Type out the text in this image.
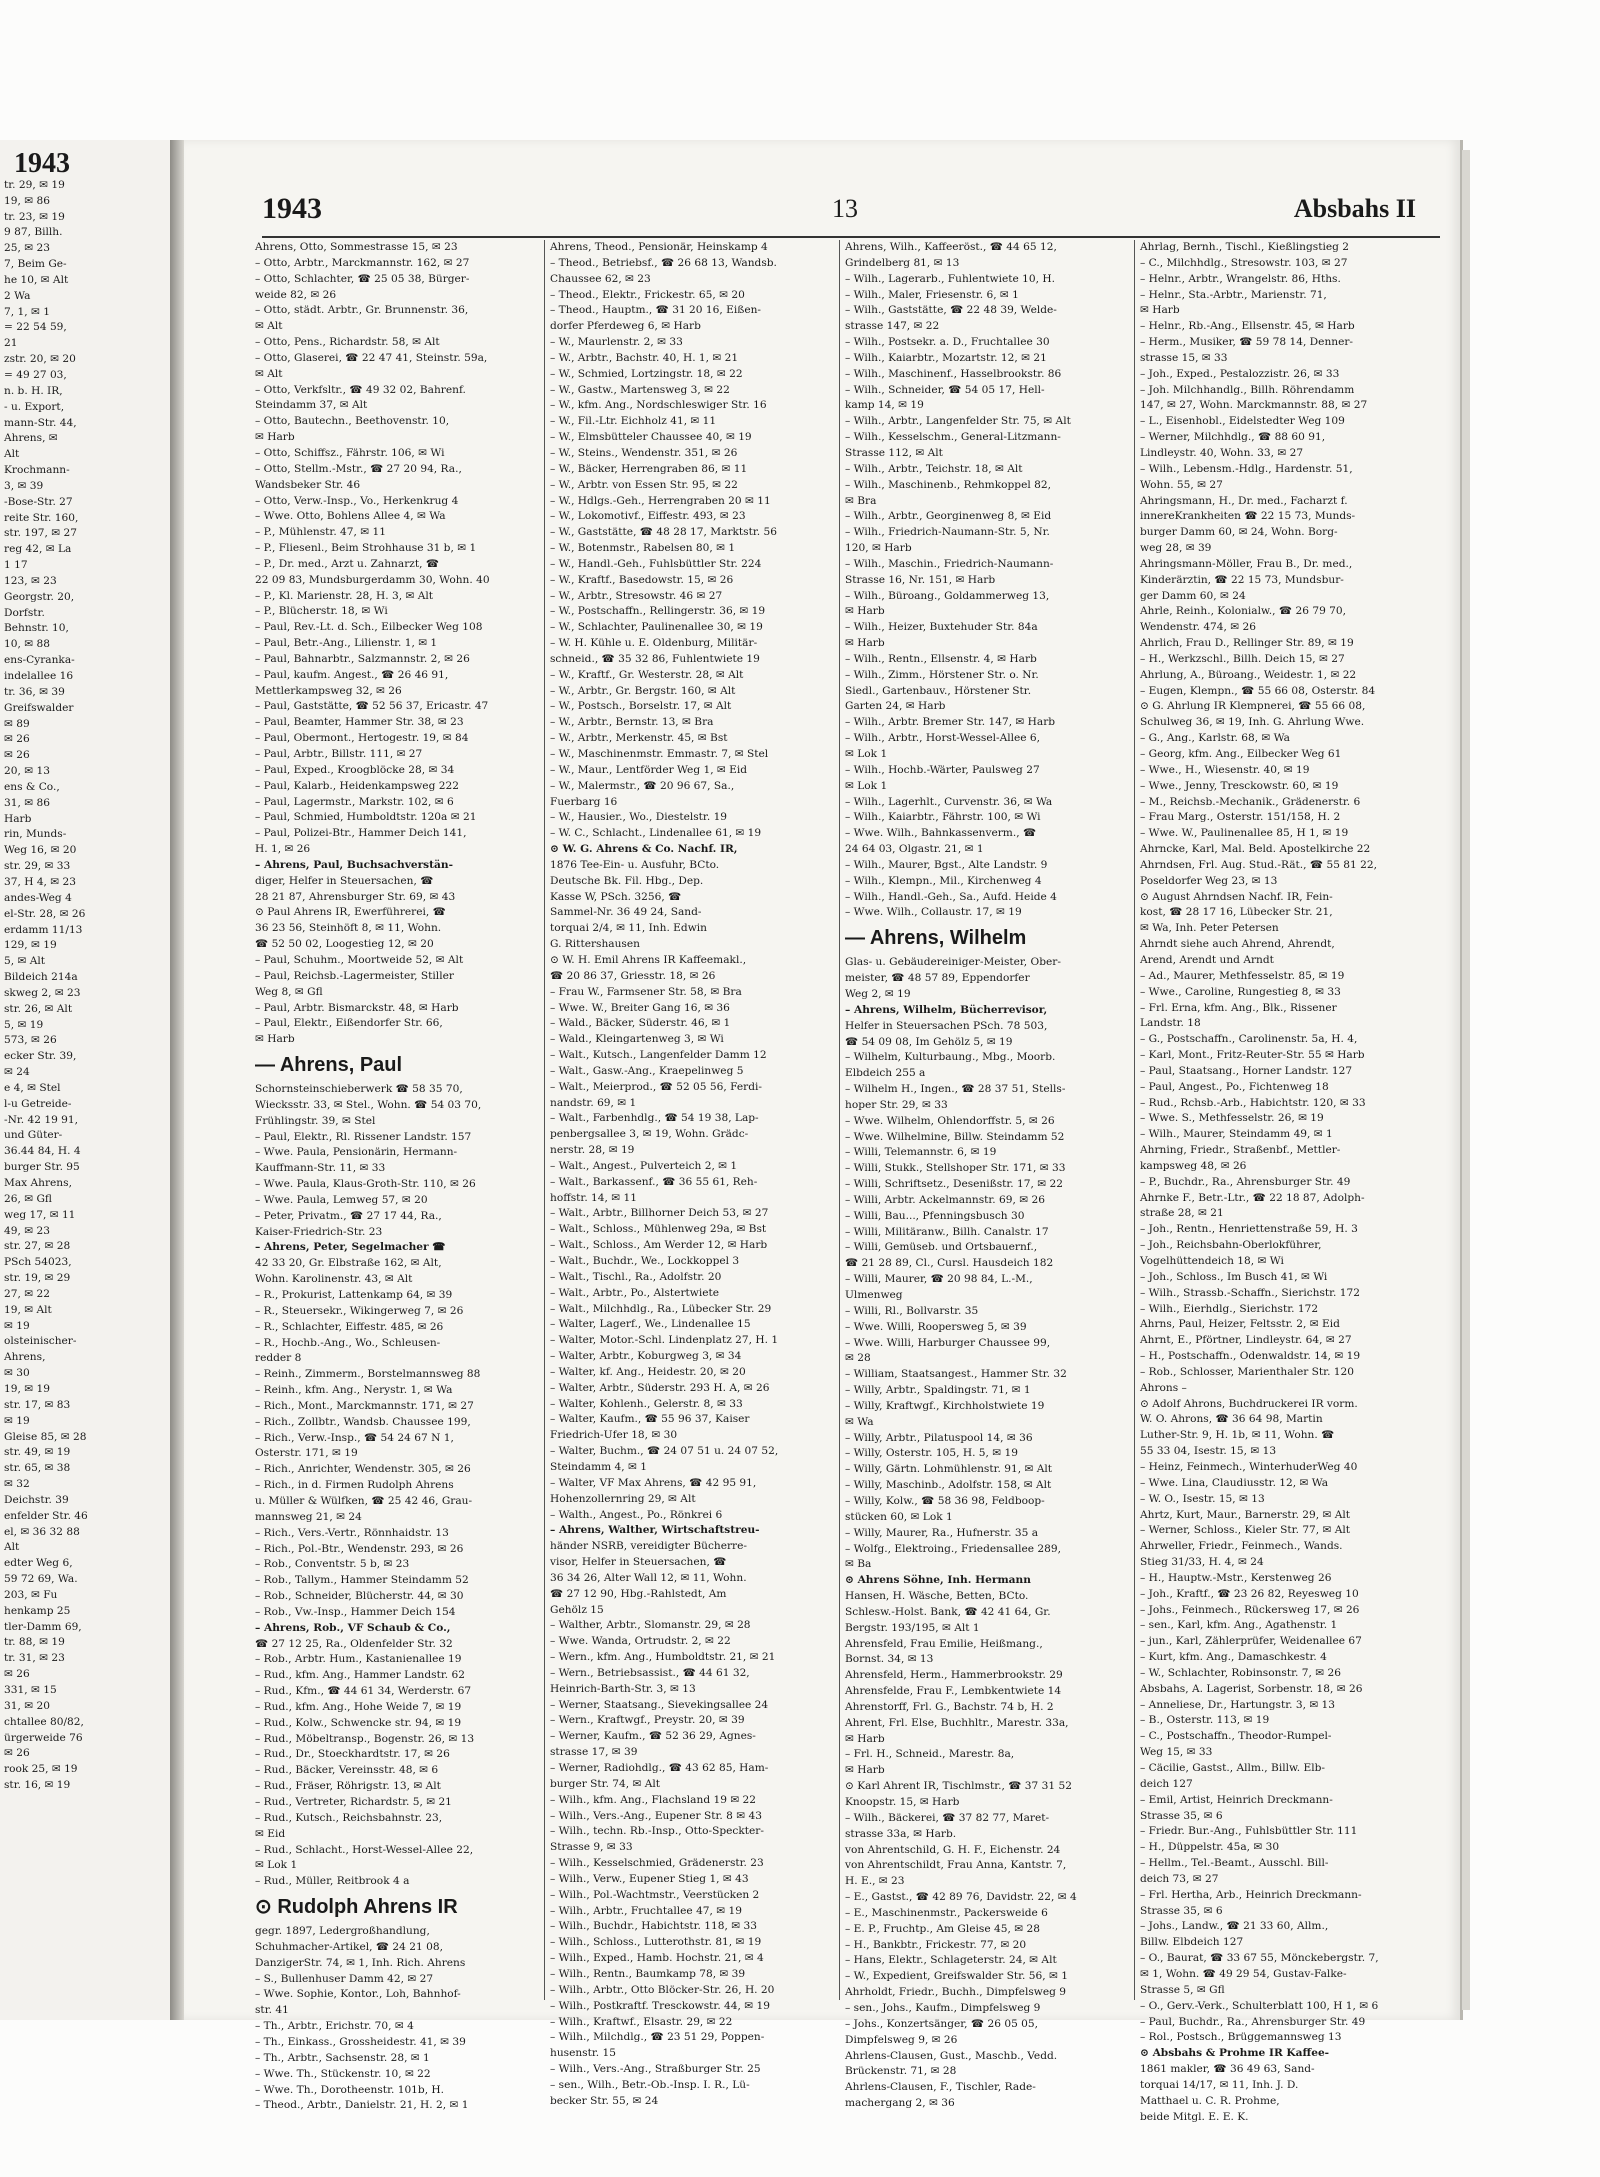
1943
tr. 29, ✉ 19
19, ✉ 86
tr. 23, ✉ 19
9 87, Billh.
25, ✉ 23
7, Beim Ge-
he 10, ✉ Alt
2 Wa
7, 1, ✉ 1
= 22 54 59,
21
zstr. 20, ✉ 20
= 49 27 03,
n. b. H. IR,
- u. Export,
mann-Str. 44,
Ahrens, ✉
Alt
Krochmann-
3, ✉ 39
-Bose-Str. 27
reite Str. 160,
str. 197, ✉ 27
reg 42, ✉ La
1 17
123, ✉ 23
Georgstr. 20,
Dorfstr.
Behnstr. 10,
10, ✉ 88
ens-Cyranka-
indelallee 16
tr. 36, ✉ 39
Greifswalder
✉ 89
✉ 26
✉ 26
20, ✉ 13
ens & Co.,
31, ✉ 86
Harb
rin, Munds-
Weg 16, ✉ 20
str. 29, ✉ 33
37, H 4, ✉ 23
andes-Weg 4
el-Str. 28, ✉ 26
erdamm 11/13
129, ✉ 19
5, ✉ Alt
Bildeich 214a
skweg 2, ✉ 23
str. 26, ✉ Alt
5, ✉ 19
573, ✉ 26
ecker Str. 39,
✉ 24
e 4, ✉ Stel
l-u Getreide-
-Nr. 42 19 91,
und Güter-
36.44 84, H. 4
burger Str. 95
Max Ahrens,
26, ✉ Gfl
weg 17, ✉ 11
49, ✉ 23
str. 27, ✉ 28
PSch 54023,
str. 19, ✉ 29
27, ✉ 22
19, ✉ Alt
✉ 19
olsteinischer-
Ahrens,
✉ 30
19, ✉ 19
str. 17, ✉ 83
✉ 19
Gleise 85, ✉ 28
str. 49, ✉ 19
str. 65, ✉ 38
✉ 32
Deichstr. 39
enfelder Str. 46
el, ✉ 36 32 88
Alt
edter Weg 6,
59 72 69, Wa.
203, ✉ Fu
henkamp 25
tler-Damm 69,
tr. 88, ✉ 19
tr. 31, ✉ 23
✉ 26
331, ✉ 15
31, ✉ 20
chtallee 80/82,
ürgerweide 76
✉ 26
rook 25, ✉ 19
str. 16, ✉ 19
1943	13	Absbahs II
Ahrens, Otto, Sommestrasse 15, ✉ 23
– Otto, Arbtr., Marckmannstr. 162, ✉ 27
– Otto, Schlachter, ☎ 25 05 38, Bürger-
weide 82, ✉ 26
– Otto, städt. Arbtr., Gr. Brunnenstr. 36,
✉ Alt
– Otto, Pens., Richardstr. 58, ✉ Alt
– Otto, Glaserei, ☎ 22 47 41, Steinstr. 59a,
✉ Alt
– Otto, Verkfsltr., ☎ 49 32 02, Bahrenf.
Steindamm 37, ✉ Alt
– Otto, Bautechn., Beethovenstr. 10,
✉ Harb
– Otto, Schiffsz., Fährstr. 106, ✉ Wi
– Otto, Stellm.-Mstr., ☎ 27 20 94, Ra.,
Wandsbeker Str. 46
– Otto, Verw.-Insp., Vo., Herkenkrug 4
– Wwe. Otto, Bohlens Allee 4, ✉ Wa
– P., Mühlenstr. 47, ✉ 11
– P., Fliesenl., Beim Strohhause 31 b, ✉ 1
– P., Dr. med., Arzt u. Zahnarzt, ☎
22 09 83, Mundsburgerdamm 30, Wohn. 40
– P., Kl. Marienstr. 28, H. 3, ✉ Alt
– P., Blücherstr. 18, ✉ Wi
– Paul, Rev.-Lt. d. Sch., Eilbecker Weg 108
– Paul, Betr.-Ang., Lilienstr. 1, ✉ 1
– Paul, Bahnarbtr., Salzmannstr. 2, ✉ 26
– Paul, kaufm. Angest., ☎ 26 46 91,
Mettlerkampsweg 32, ✉ 26
– Paul, Gaststätte, ☎ 52 56 37, Ericastr. 47
– Paul, Beamter, Hammer Str. 38, ✉ 23
– Paul, Obermont., Hertogestr. 19, ✉ 84
– Paul, Arbtr., Billstr. 111, ✉ 27
– Paul, Exped., Kroogblöcke 28, ✉ 34
– Paul, Kalarb., Heidenkampsweg 222
– Paul, Lagermstr., Markstr. 102, ✉ 6
– Paul, Schmied, Humboldtstr. 120a ✉ 21
– Paul, Polizei-Btr., Hammer Deich 141,
H. 1, ✉ 26
– Ahrens, Paul, Buchsachverstän-
diger, Helfer in Steuersachen, ☎
28 21 87, Ahrensburger Str. 69, ✉ 43
⊙ Paul Ahrens IR, Ewerführerei, ☎
36 23 56, Steinhöft 8, ✉ 11, Wohn.
☎ 52 50 02, Loogestieg 12, ✉ 20
– Paul, Schuhm., Moortweide 52, ✉ Alt
– Paul, Reichsb.-Lagermeister, Stiller
Weg 8, ✉ Gfl
– Paul, Arbtr. Bismarckstr. 48, ✉ Harb
– Paul, Elektr., Eißendorfer Str. 66,
✉ Harb
— Ahrens, Paul
Schornsteinschieberwerk ☎ 58 35 70,
Wiecksstr. 33, ✉ Stel., Wohn. ☎ 54 03 70,
Frühlingstr. 39, ✉ Stel
– Paul, Elektr., Rl. Rissener Landstr. 157
– Wwe. Paula, Pensionärin, Hermann-
Kauffmann-Str. 11, ✉ 33
– Wwe. Paula, Klaus-Groth-Str. 110, ✉ 26
– Wwe. Paula, Lemweg 57, ✉ 20
– Peter, Privatm., ☎ 27 17 44, Ra.,
Kaiser-Friedrich-Str. 23
– Ahrens, Peter, Segelmacher ☎
42 33 20, Gr. Elbstraße 162, ✉ Alt,
Wohn. Karolinenstr. 43, ✉ Alt
– R., Prokurist, Lattenkamp 64, ✉ 39
– R., Steuersekr., Wikingerweg 7, ✉ 26
– R., Schlachter, Eiffestr. 485, ✉ 26
– R., Hochb.-Ang., Wo., Schleusen-
redder 8
– Reinh., Zimmerm., Borstelmannsweg 88
– Reinh., kfm. Ang., Nerystr. 1, ✉ Wa
– Rich., Mont., Marckmannstr. 171, ✉ 27
– Rich., Zollbtr., Wandsb. Chaussee 199,
– Rich., Verw.-Insp., ☎ 54 24 67 N 1,
Osterstr. 171, ✉ 19
– Rich., Anrichter, Wendenstr. 305, ✉ 26
– Rich., in d. Firmen Rudolph Ahrens
u. Müller & Wülfken, ☎ 25 42 46, Grau-
mannsweg 21, ✉ 24
– Rich., Vers.-Vertr., Rönnhaidstr. 13
– Rich., Pol.-Btr., Wendenstr. 293, ✉ 26
– Rob., Conventstr. 5 b, ✉ 23
– Rob., Tallym., Hammer Steindamm 52
– Rob., Schneider, Blücherstr. 44, ✉ 30
– Rob., Vw.-Insp., Hammer Deich 154
– Ahrens, Rob., VF Schaub & Co.,
☎ 27 12 25, Ra., Oldenfelder Str. 32
– Rob., Arbtr. Hum., Kastanienallee 19
– Rud., kfm. Ang., Hammer Landstr. 62
– Rud., Kfm., ☎ 44 61 34, Werderstr. 67
– Rud., kfm. Ang., Hohe Weide 7, ✉ 19
– Rud., Kolw., Schwencke str. 94, ✉ 19
– Rud., Möbeltransp., Bogenstr. 26, ✉ 13
– Rud., Dr., Stoeckhardtstr. 17, ✉ 26
– Rud., Bäcker, Vereinsstr. 48, ✉ 6
– Rud., Fräser, Röhrigstr. 13, ✉ Alt
– Rud., Vertreter, Richardstr. 5, ✉ 21
– Rud., Kutsch., Reichsbahnstr. 23,
✉ Eid
– Rud., Schlacht., Horst-Wessel-Allee 22,
✉ Lok 1
– Rud., Müller, Reitbrook 4 a
⊙ Rudolph Ahrens IR
gegr. 1897, Ledergroßhandlung,
Schuhmacher-Artikel, ☎ 24 21 08,
DanzigerStr. 74, ✉ 1, Inh. Rich. Ahrens
– S., Bullenhuser Damm 42, ✉ 27
– Wwe. Sophie, Kontor., Loh, Bahnhof-
str. 41
– Th., Arbtr., Erichstr. 70, ✉ 4
– Th., Einkass., Grossheidestr. 41, ✉ 39
– Th., Arbtr., Sachsenstr. 28, ✉ 1
– Wwe. Th., Stückenstr. 10, ✉ 22
– Wwe. Th., Dorotheenstr. 101b, H.
– Theod., Arbtr., Danielstr. 21, H. 2, ✉ 1
Ahrens, Theod., Pensionär, Heinskamp 4
– Theod., Betriebsf., ☎ 26 68 13, Wandsb.
Chaussee 62, ✉ 23
– Theod., Elektr., Frickestr. 65, ✉ 20
– Theod., Hauptm., ☎ 31 20 16, Eißen-
dorfer Pferdeweg 6, ✉ Harb
– W., Maurlenstr. 2, ✉ 33
– W., Arbtr., Bachstr. 40, H. 1, ✉ 21
– W., Schmied, Lortzingstr. 18, ✉ 22
– W., Gastw., Martensweg 3, ✉ 22
– W., kfm. Ang., Nordschleswiger Str. 16
– W., Fil.-Ltr. Eichholz 41, ✉ 11
– W., Elmsbütteler Chaussee 40, ✉ 19
– W., Steins., Wendenstr. 351, ✉ 26
– W., Bäcker, Herrengraben 86, ✉ 11
– W., Arbtr. von Essen Str. 95, ✉ 22
– W., Hdlgs.-Geh., Herrengraben 20 ✉ 11
– W., Lokomotivf., Eiffestr. 493, ✉ 23
– W., Gaststätte, ☎ 48 28 17, Marktstr. 56
– W., Botenmstr., Rabelsen 80, ✉ 1
– W., Handl.-Geh., Fuhlsbüttler Str. 224
– W., Kraftf., Basedowstr. 15, ✉ 26
– W., Arbtr., Stresowstr. 46 ✉ 27
– W., Postschaffn., Rellingerstr. 36, ✉ 19
– W., Schlachter, Paulinenallee 30, ✉ 19
– W. H. Kühle u. E. Oldenburg, Militär-
schneid., ☎ 35 32 86, Fuhlentwiete 19
– W., Kraftf., Gr. Westerstr. 28, ✉ Alt
– W., Arbtr., Gr. Bergstr. 160, ✉ Alt
– W., Postsch., Borselstr. 17, ✉ Alt
– W., Arbtr., Bernstr. 13, ✉ Bra
– W., Arbtr., Merkenstr. 45, ✉ Bst
– W., Maschinenmstr. Emmastr. 7, ✉ Stel
– W., Maur., Lentförder Weg 1, ✉ Eid
– W., Malermstr., ☎ 20 96 67, Sa.,
Fuerbarg 16
– W., Hausier., Wo., Diestelstr. 19
– W. C., Schlacht., Lindenallee 61, ✉ 19
⊙ W. G. Ahrens & Co. Nachf. IR,
1876 Tee-Ein- u. Ausfuhr, BCto.
Deutsche Bk. Fil. Hbg., Dep.
Kasse W, PSch. 3256, ☎
Sammel-Nr. 36 49 24, Sand-
torquai 2/4, ✉ 11, Inh. Edwin
G. Rittershausen
⊙ W. H. Emil Ahrens IR Kaffeemakl.,
☎ 20 86 37, Griesstr. 18, ✉ 26
– Frau W., Farmsener Str. 58, ✉ Bra
– Wwe. W., Breiter Gang 16, ✉ 36
– Wald., Bäcker, Süderstr. 46, ✉ 1
– Wald., Kleingartenweg 3, ✉ Wi
– Walt., Kutsch., Langenfelder Damm 12
– Walt., Gasw.-Ang., Kraepelinweg 5
– Walt., Meierprod., ☎ 52 05 56, Ferdi-
nandstr. 69, ✉ 1
– Walt., Farbenhdlg., ☎ 54 19 38, Lap-
penbergsallee 3, ✉ 19, Wohn. Grädc-
nerstr. 28, ✉ 19
– Walt., Angest., Pulverteich 2, ✉ 1
– Walt., Barkassenf., ☎ 36 55 61, Reh-
hoffstr. 14, ✉ 11
– Walt., Arbtr., Billhorner Deich 53, ✉ 27
– Walt., Schloss., Mühlenweg 29a, ✉ Bst
– Walt., Schloss., Am Werder 12, ✉ Harb
– Walt., Buchdr., We., Lockkoppel 3
– Walt., Tischl., Ra., Adolfstr. 20
– Walt., Arbtr., Po., Alstertwiete
– Walt., Milchhdlg., Ra., Lübecker Str. 29
– Walter, Lagerf., We., Lindenallee 15
– Walter, Motor.-Schl. Lindenplatz 27, H. 1
– Walter, Arbtr., Koburgweg 3, ✉ 34
– Walter, kf. Ang., Heidestr. 20, ✉ 20
– Walter, Arbtr., Süderstr. 293 H. A, ✉ 26
– Walter, Kohlenh., Gelerstr. 8, ✉ 33
– Walter, Kaufm., ☎ 55 96 37, Kaiser
Friedrich-Ufer 18, ✉ 30
– Walter, Buchm., ☎ 24 07 51 u. 24 07 52,
Steindamm 4, ✉ 1
– Walter, VF Max Ahrens, ☎ 42 95 91,
Hohenzollernring 29, ✉ Alt
– Walth., Angest., Po., Rönkrei 6
– Ahrens, Walther, Wirtschaftstreu-
händer NSRB, vereidigter Bücherre-
visor, Helfer in Steuersachen, ☎
36 34 26, Alter Wall 12, ✉ 11, Wohn.
☎ 27 12 90, Hbg.-Rahlstedt, Am
Gehölz 15
– Walther, Arbtr., Slomanstr. 29, ✉ 28
– Wwe. Wanda, Ortrudstr. 2, ✉ 22
– Wern., kfm. Ang., Humboldtstr. 21, ✉ 21
– Wern., Betriebsassist., ☎ 44 61 32,
Heinrich-Barth-Str. 3, ✉ 13
– Werner, Staatsang., Sievekingsallee 24
– Wern., Kraftwgf., Preystr. 20, ✉ 39
– Werner, Kaufm., ☎ 52 36 29, Agnes-
strasse 17, ✉ 39
– Werner, Radiohdlg., ☎ 43 62 85, Ham-
burger Str. 74, ✉ Alt
– Wilh., kfm. Ang., Flachsland 19 ✉ 22
– Wilh., Vers.-Ang., Eupener Str. 8 ✉ 43
– Wilh., techn. Rb.-Insp., Otto-Speckter-
Strasse 9, ✉ 33
– Wilh., Kesselschmied, Grädenerstr. 23
– Wilh., Verw., Eupener Stieg 1, ✉ 43
– Wilh., Pol.-Wachtmstr., Veerstücken 2
– Wilh., Arbtr., Fruchtallee 47, ✉ 19
– Wilh., Buchdr., Habichtstr. 118, ✉ 33
– Wilh., Schloss., Lutterothstr. 81, ✉ 19
– Wilh., Exped., Hamb. Hochstr. 21, ✉ 4
– Wilh., Rentn., Baumkamp 78, ✉ 39
– Wilh., Arbtr., Otto Blöcker-Str. 26, H. 20
– Wilh., Postkraftf. Tresckowstr. 44, ✉ 19
– Wilh., Kraftwf., Elsastr. 29, ✉ 22
– Wilh., Milchdlg., ☎ 23 51 29, Poppen-
husenstr. 15
– Wilh., Vers.-Ang., Straßburger Str. 25
– sen., Wilh., Betr.-Ob.-Insp. I. R., Lü-
becker Str. 55, ✉ 24
Ahrens, Wilh., Kaffeeröst., ☎ 44 65 12,
Grindelberg 81, ✉ 13
– Wilh., Lagerarb., Fuhlentwiete 10, H.
– Wilh., Maler, Friesenstr. 6, ✉ 1
– Wilh., Gaststätte, ☎ 22 48 39, Welde-
strasse 147, ✉ 22
– Wilh., Postsekr. a. D., Fruchtallee 30
– Wilh., Kaiarbtr., Mozartstr. 12, ✉ 21
– Wilh., Maschinenf., Hasselbrookstr. 86
– Wilh., Schneider, ☎ 54 05 17, Hell-
kamp 14, ✉ 19
– Wilh., Arbtr., Langenfelder Str. 75, ✉ Alt
– Wilh., Kesselschm., General-Litzmann-
Strasse 112, ✉ Alt
– Wilh., Arbtr., Teichstr. 18, ✉ Alt
– Wilh., Maschinenb., Rehmkoppel 82,
✉ Bra
– Wilh., Arbtr., Georginenweg 8, ✉ Eid
– Wilh., Friedrich-Naumann-Str. 5, Nr.
120, ✉ Harb
– Wilh., Maschin., Friedrich-Naumann-
Strasse 16, Nr. 151, ✉ Harb
– Wilh., Büroang., Goldammerweg 13,
✉ Harb
– Wilh., Heizer, Buxtehuder Str. 84a
✉ Harb
– Wilh., Rentn., Ellsenstr. 4, ✉ Harb
– Wilh., Zimm., Hörstener Str. o. Nr.
Siedl., Gartenbauv., Hörstener Str.
Garten 24, ✉ Harb
– Wilh., Arbtr. Bremer Str. 147, ✉ Harb
– Wilh., Arbtr., Horst-Wessel-Allee 6,
✉ Lok 1
– Wilh., Hochb.-Wärter, Paulsweg 27
✉ Lok 1
– Wilh., Lagerhlt., Curvenstr. 36, ✉ Wa
– Wilh., Kaiarbtr., Fährstr. 100, ✉ Wi
– Wwe. Wilh., Bahnkassenverm., ☎
24 64 03, Olgastr. 21, ✉ 1
– Wilh., Maurer, Bgst., Alte Landstr. 9
– Wilh., Klempn., Mil., Kirchenweg 4
– Wilh., Handl.-Geh., Sa., Aufd. Heide 4
– Wwe. Wilh., Collaustr. 17, ✉ 19
— Ahrens, Wilhelm
Glas- u. Gebäudereiniger-Meister, Ober-
meister, ☎ 48 57 89, Eppendorfer
Weg 2, ✉ 19
– Ahrens, Wilhelm, Bücherrevisor,
Helfer in Steuersachen PSch. 78 503,
☎ 54 09 08, Im Gehölz 5, ✉ 19
– Wilhelm, Kulturbaung., Mbg., Moorb.
Elbdeich 255 a
– Wilhelm H., Ingen., ☎ 28 37 51, Stells-
hoper Str. 29, ✉ 33
– Wwe. Wilhelm, Ohlendorffstr. 5, ✉ 26
– Wwe. Wilhelmine, Billw. Steindamm 52
– Willi, Telemannstr. 6, ✉ 19
– Willi, Stukk., Stellshoper Str. 171, ✉ 33
– Willi, Schriftsetz., Desenißstr. 17, ✉ 22
– Willi, Arbtr. Ackelmannstr. 69, ✉ 26
– Willi, Bau..., Pfenningsbusch 30
– Willi, Militäranw., Billh. Canalstr. 17
– Willi, Gemüseb. und Ortsbauernf.,
☎ 21 28 89, Cl., Cursl. Hausdeich 182
– Willi, Maurer, ☎ 20 98 84, L.-M.,
Ulmenweg
– Willi, Rl., Bollvarstr. 35
– Wwe. Willi, Roopersweg 5, ✉ 39
– Wwe. Willi, Harburger Chaussee 99,
✉ 28
– William, Staatsangest., Hammer Str. 32
– Willy, Arbtr., Spaldingstr. 71, ✉ 1
– Willy, Kraftwgf., Kirchholstwiete 19
✉ Wa
– Willy, Arbtr., Pilatuspool 14, ✉ 36
– Willy, Osterstr. 105, H. 5, ✉ 19
– Willy, Gärtn. Lohmühlenstr. 91, ✉ Alt
– Willy, Maschinb., Adolfstr. 158, ✉ Alt
– Willy, Kolw., ☎ 58 36 98, Feldboop-
stücken 60, ✉ Lok 1
– Willy, Maurer, Ra., Hufnerstr. 35 a
– Wolfg., Elektroing., Friedensallee 289,
✉ Ba
⊙ Ahrens Söhne, Inh. Hermann
Hansen, H. Wäsche, Betten, BCto.
Schlesw.-Holst. Bank, ☎ 42 41 64, Gr.
Bergstr. 193/195, ✉ Alt 1
Ahrensfeld, Frau Emilie, Heißmang.,
Bornst. 34, ✉ 13
Ahrensfeld, Herm., Hammerbrookstr. 29
Ahrensfelde, Frau F., Lembkentwiete 14
Ahrenstorff, Frl. G., Bachstr. 74 b, H. 2
Ahrent, Frl. Else, Buchhltr., Marestr. 33a,
✉ Harb
– Frl. H., Schneid., Marestr. 8a,
✉ Harb
⊙ Karl Ahrent IR, Tischlmstr., ☎ 37 31 52
Knoopstr. 15, ✉ Harb
– Wilh., Bäckerei, ☎ 37 82 77, Maret-
strasse 33a, ✉ Harb.
von Ahrentschild, G. H. F., Eichenstr. 24
von Ahrentschildt, Frau Anna, Kantstr. 7,
H. E., ✉ 23
– E., Gastst., ☎ 42 89 76, Davidstr. 22, ✉ 4
– E., Maschinenmstr., Packersweide 6
– E. P., Fruchtp., Am Gleise 45, ✉ 28
– H., Bankbtr., Frickestr. 77, ✉ 20
– Hans, Elektr., Schlageterstr. 24, ✉ Alt
– W., Expedient, Greifswalder Str. 56, ✉ 1
Ahrholdt, Friedr., Buchh., Dimpfelsweg 9
– sen., Johs., Kaufm., Dimpfelsweg 9
– Johs., Konzertsänger, ☎ 26 05 05,
Dimpfelsweg 9, ✉ 26
Ahrlens-Clausen, Gust., Maschb., Vedd.
Brückenstr. 71, ✉ 28
Ahrlens-Clausen, F., Tischler, Rade-
machergang 2, ✉ 36
Ahrlag, Bernh., Tischl., Kießlingstieg 2
– C., Milchhdlg., Stresowstr. 103, ✉ 27
– Helnr., Arbtr., Wrangelstr. 86, Hths.
– Helnr., Sta.-Arbtr., Marienstr. 71,
✉ Harb
– Helnr., Rb.-Ang., Ellsenstr. 45, ✉ Harb
– Herm., Musiker, ☎ 59 78 14, Denner-
strasse 15, ✉ 33
– Joh., Exped., Pestalozzistr. 26, ✉ 33
– Joh. Milchhandlg., Billh. Röhrendamm
147, ✉ 27, Wohn. Marckmannstr. 88, ✉ 27
– L., Eisenhobl., Eidelstedter Weg 109
– Werner, Milchhdlg., ☎ 88 60 91,
Lindleystr. 40, Wohn. 33, ✉ 27
– Wilh., Lebensm.-Hdlg., Hardenstr. 51,
Wohn. 55, ✉ 27
Ahringsmann, H., Dr. med., Facharzt f.
innereKrankheiten ☎ 22 15 73, Munds-
burger Damm 60, ✉ 24, Wohn. Borg-
weg 28, ✉ 39
Ahringsmann-Möller, Frau B., Dr. med.,
Kinderärztin, ☎ 22 15 73, Mundsbur-
ger Damm 60, ✉ 24
Ahrle, Reinh., Kolonialw., ☎ 26 79 70,
Wendenstr. 474, ✉ 26
Ahrlich, Frau D., Rellinger Str. 89, ✉ 19
– H., Werkzschl., Billh. Deich 15, ✉ 27
Ahrlung, A., Büroang., Weidestr. 1, ✉ 22
– Eugen, Klempn., ☎ 55 66 08, Osterstr. 84
⊙ G. Ahrlung IR Klempnerei, ☎ 55 66 08,
Schulweg 36, ✉ 19, Inh. G. Ahrlung Wwe.
– G., Ang., Karlstr. 68, ✉ Wa
– Georg, kfm. Ang., Eilbecker Weg 61
– Wwe., H., Wiesenstr. 40, ✉ 19
– Wwe., Jenny, Tresckowstr. 60, ✉ 19
– M., Reichsb.-Mechanik., Grädenerstr. 6
– Frau Marg., Osterstr. 151/158, H. 2
– Wwe. W., Paulinenallee 85, H 1, ✉ 19
Ahrncke, Karl, Mal. Beld. Apostelkirche 22
Ahrndsen, Frl. Aug. Stud.-Rät., ☎ 55 81 22,
Poseldorfer Weg 23, ✉ 13
⊙ August Ahrndsen Nachf. IR, Fein-
kost, ☎ 28 17 16, Lübecker Str. 21,
✉ Wa, Inh. Peter Petersen
Ahrndt siehe auch Ahrend, Ahrendt,
Arend, Arendt und Arndt
– Ad., Maurer, Methfesselstr. 85, ✉ 19
– Wwe., Caroline, Rungestieg 8, ✉ 33
– Frl. Erna, kfm. Ang., Blk., Rissener
Landstr. 18
– G., Postschaffn., Carolinenstr. 5a, H. 4,
– Karl, Mont., Fritz-Reuter-Str. 55 ✉ Harb
– Paul, Staatsang., Horner Landstr. 127
– Paul, Angest., Po., Fichtenweg 18
– Rud., Rchsb.-Arb., Habichtstr. 120, ✉ 33
– Wwe. S., Methfesselstr. 26, ✉ 19
– Wilh., Maurer, Steindamm 49, ✉ 1
Ahrning, Friedr., Straßenbf., Mettler-
kampsweg 48, ✉ 26
– P., Buchdr., Ra., Ahrensburger Str. 49
Ahrnke F., Betr.-Ltr., ☎ 22 18 87, Adolph-
straße 28, ✉ 21
– Joh., Rentn., Henriettenstraße 59, H. 3
– Joh., Reichsbahn-Oberlokführer,
Vogelhüttendeich 18, ✉ Wi
– Joh., Schloss., Im Busch 41, ✉ Wi
– Wilh., Strassb.-Schaffn., Sierichstr. 172
– Wilh., Eierhdlg., Sierichstr. 172
Ahrns, Paul, Heizer, Feltsstr. 2, ✉ Eid
Ahrnt, E., Pförtner, Lindleystr. 64, ✉ 27
– H., Postschaffn., Odenwaldstr. 14, ✉ 19
– Rob., Schlosser, Marienthaler Str. 120
Ahrons –
⊙ Adolf Ahrons, Buchdruckerei IR vorm.
W. O. Ahrons, ☎ 36 64 98, Martin
Luther-Str. 9, H. 1b, ✉ 11, Wohn. ☎
55 33 04, Isestr. 15, ✉ 13
– Heinz, Feinmech., WinterhuderWeg 40
– Wwe. Lina, Claudiusstr. 12, ✉ Wa
– W. O., Isestr. 15, ✉ 13
Ahrtz, Kurt, Maur., Barnerstr. 29, ✉ Alt
– Werner, Schloss., Kieler Str. 77, ✉ Alt
Ahrweller, Friedr., Feinmech., Wands.
Stieg 31/33, H. 4, ✉ 24
– H., Hauptw.-Mstr., Kerstenweg 26
– Joh., Kraftf., ☎ 23 26 82, Reyesweg 10
– Johs., Feinmech., Rückersweg 17, ✉ 26
– sen., Karl, kfm. Ang., Agathenstr. 1
– jun., Karl, Zählerprüfer, Weidenallee 67
– Kurt, kfm. Ang., Damaschkestr. 4
– W., Schlachter, Robinsonstr. 7, ✉ 26
Absbahs, A. Lagerist, Sorbenstr. 18, ✉ 26
– Anneliese, Dr., Hartungstr. 3, ✉ 13
– B., Osterstr. 113, ✉ 19
– C., Postschaffn., Theodor-Rumpel-
Weg 15, ✉ 33
– Cäcilie, Gastst., Allm., Billw. Elb-
deich 127
– Emil, Artist, Heinrich Dreckmann-
Strasse 35, ✉ 6
– Friedr. Bur.-Ang., Fuhlsbüttler Str. 111
– H., Düppelstr. 45a, ✉ 30
– Hellm., Tel.-Beamt., Ausschl. Bill-
deich 73, ✉ 27
– Frl. Hertha, Arb., Heinrich Dreckmann-
Strasse 35, ✉ 6
– Johs., Landw., ☎ 21 33 60, Allm.,
Billw. Elbdeich 127
– O., Baurat, ☎ 33 67 55, Mönckebergstr. 7,
✉ 1, Wohn. ☎ 49 29 54, Gustav-Falke-
Strasse 5, ✉ Gfl
– O., Gerv.-Verk., Schulterblatt 100, H 1, ✉ 6
– Paul, Buchdr., Ra., Ahrensburger Str. 49
– Rol., Postsch., Brüggemannsweg 13
⊙ Absbahs & Prohme IR Kaffee-
1861 makler, ☎ 36 49 63, Sand-
torquai 14/17, ✉ 11, Inh. J. D.
Matthael u. C. R. Prohme,
beide Mitgl. E. E. K.
